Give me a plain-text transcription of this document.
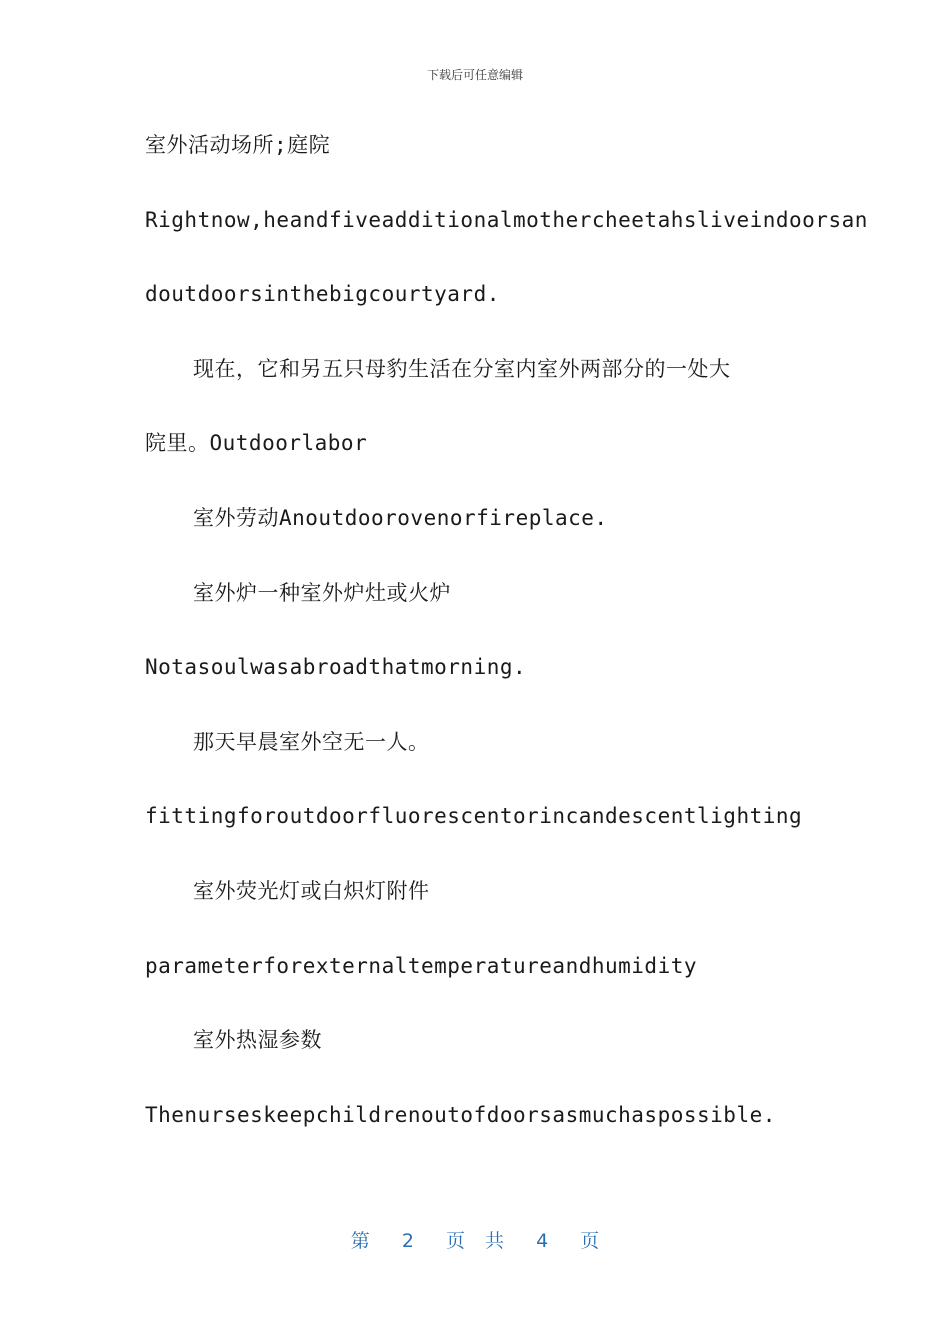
下载后可任意编辑
室外活动场所;庭院
Rightnow,heandfiveadditionalmothercheetahsliveindoorsan
doutdoorsinthebigcourtyard.
现在，它和另五只母豹生活在分室内室外两部分的一处大
院里。Outdoorlabor
室外劳动Anoutdoorovenorfireplace.
室外炉一种室外炉灶或火炉
Notasoulwasabroadthatmorning.
那天早晨室外空无一人。
fittingforoutdoorfluorescentorincandescentlighting
室外荧光灯或白炽灯附件
parameterforexternaltemperatureandhumidity
室外热湿参数
Thenurseskeepchildrenoutofdoorsasmuchaspossible.
第 2 页 共 4 页
